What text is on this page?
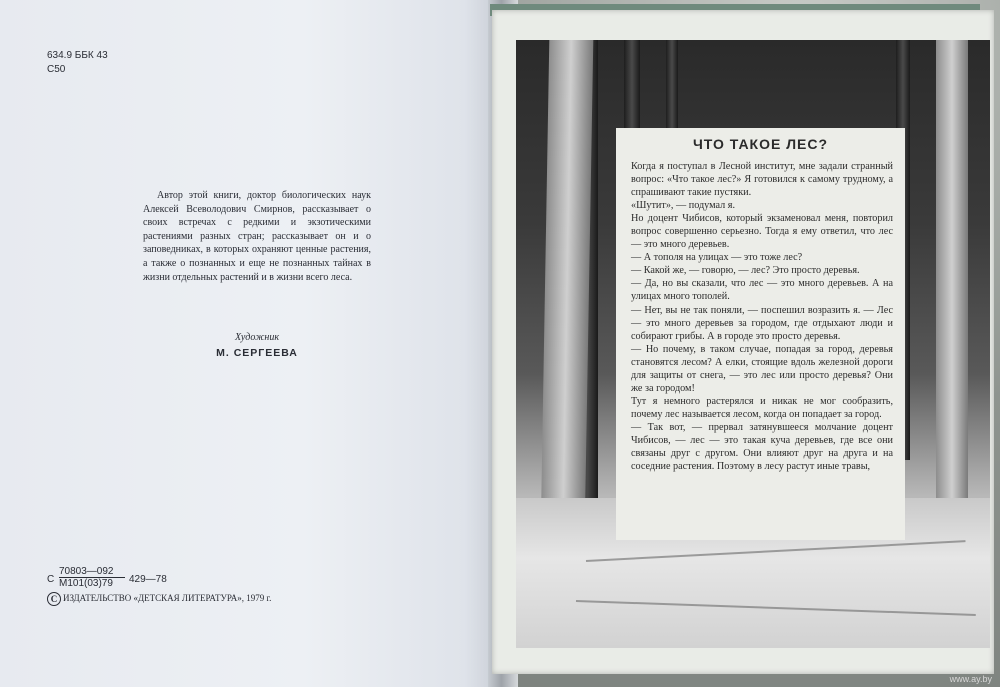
634.9 ББК 43
С50
Автор этой книги, доктор биологических наук Алексей Всеволодович Смирнов, рассказывает о своих встречах с редкими и экзотическими растениями разных стран; рассказывает он и о заповедниках, в которых охраняют ценные растения, а также о познанных и еще не познанных тайнах в жизни отдельных растений и в жизни всего леса.
Художник
М. СЕРГЕЕВА
С
70803—092
М101(03)79	429—78
C ИЗДАТЕЛЬСТВО «ДЕТСКАЯ ЛИТЕРАТУРА», 1979 г.
ЧТО ТАКОЕ ЛЕС?

Когда я поступал в Лесной институт, мне задали странный вопрос: «Что такое лес?» Я готовился к самому трудному, а спрашивают такие пустяки.

«Шутит», — подумал я.

Но доцент Чибисов, который экзаменовал меня, повторил вопрос совершенно серьезно. Тогда я ему ответил, что лес — это много деревьев.

— А тополя на улицах — это тоже лес?

— Какой же, — говорю, — лес? Это просто деревья.

— Да, но вы сказали, что лес — это много деревьев. А на улицах много тополей.

— Нет, вы не так поняли, — поспешил возразить я. — Лес — это много деревьев за городом, где отдыхают люди и собирают грибы. А в городе это просто деревья.

— Но почему, в таком случае, попадая за город, деревья становятся лесом? А елки, стоящие вдоль железной дороги для защиты от снега, — это лес или просто деревья? Они же за городом!

Тут я немного растерялся и никак не мог сообразить, почему лес называется лесом, когда он попадает за город.

— Так вот, — прервал затянувшееся молчание доцент Чибисов, — лес — это такая куча деревьев, где все они связаны друг с другом. Они влияют друг на друга и на соседние растения. Поэтому в лесу растут иные травы,

www.ay.by
